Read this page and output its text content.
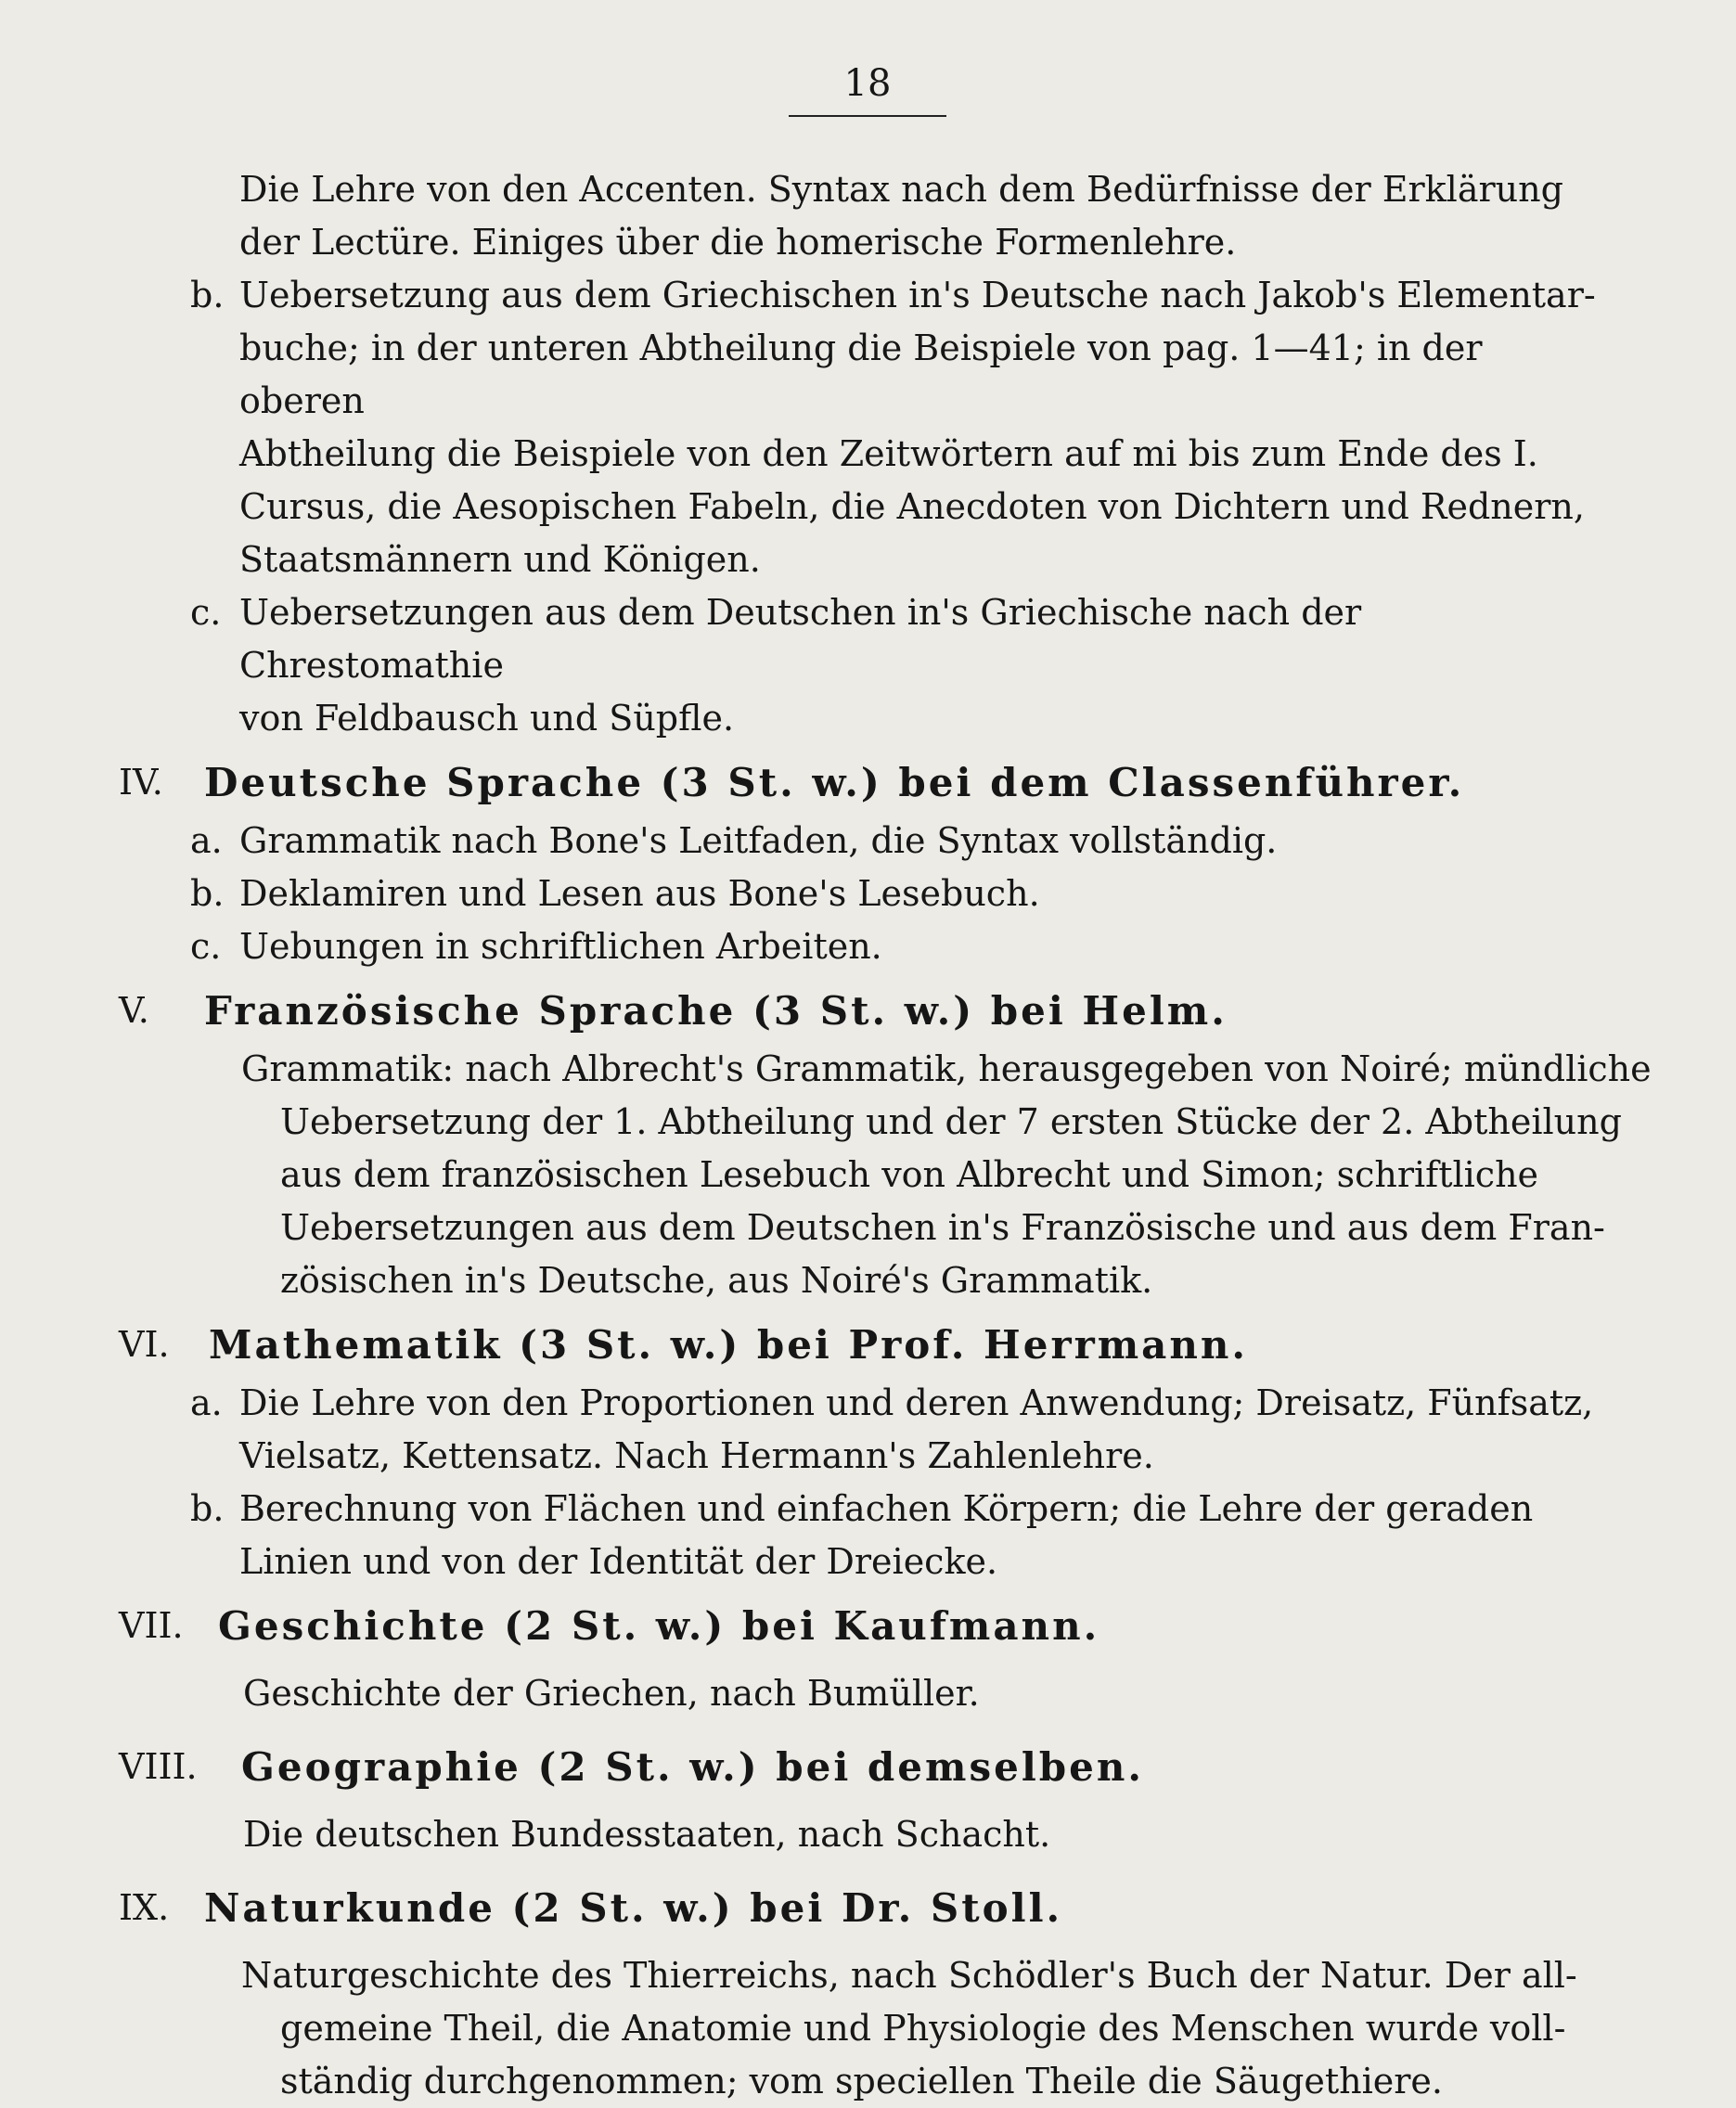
18
Die Lehre von den Accenten. Syntax nach dem Bedürfnisse der Erklärung
der Lectüre. Einiges über die homerische Formenlehre.
b. Uebersetzung aus dem Griechischen in's Deutsche nach Jakob's Elementar-
buche; in der unteren Abtheilung die Beispiele von pag. 1—41; in der oberen
Abtheilung die Beispiele von den Zeitwörtern auf mi bis zum Ende des I.
Cursus, die Aesopischen Fabeln, die Anecdoten von Dichtern und Rednern,
Staatsmännern und Königen.
c. Uebersetzungen aus dem Deutschen in's Griechische nach der Chrestomathie
von Feldbausch und Süpfle.
IV. Deutsche Sprache (3 St. w.) bei dem Classenführer.
a. Grammatik nach Bone's Leitfaden, die Syntax vollständig.
b. Deklamiren und Lesen aus Bone's Lesebuch.
c. Uebungen in schriftlichen Arbeiten.
V. Französische Sprache (3 St. w.) bei Helm.
Grammatik: nach Albrecht's Grammatik, herausgegeben von Noiré; mündliche
Uebersetzung der 1. Abtheilung und der 7 ersten Stücke der 2. Abtheilung
aus dem französischen Lesebuch von Albrecht und Simon; schriftliche
Uebersetzungen aus dem Deutschen in's Französische und aus dem Fran-
zösischen in's Deutsche, aus Noiré's Grammatik.
VI. Mathematik (3 St. w.) bei Prof. Herrmann.
a. Die Lehre von den Proportionen und deren Anwendung; Dreisatz, Fünfsatz,
Vielsatz, Kettensatz. Nach Hermann's Zahlenlehre.
b. Berechnung von Flächen und einfachen Körpern; die Lehre der geraden
Linien und von der Identität der Dreiecke.
VII. Geschichte (2 St. w.) bei Kaufmann.
Geschichte der Griechen, nach Bumüller.
VIII. Geographie (2 St. w.) bei demselben.
Die deutschen Bundesstaaten, nach Schacht.
IX. Naturkunde (2 St. w.) bei Dr. Stoll.
Naturgeschichte des Thierreichs, nach Schödler's Buch der Natur. Der all-
gemeine Theil, die Anatomie und Physiologie des Menschen wurde voll-
ständig durchgenommen; vom speciellen Theile die Säugethiere.
